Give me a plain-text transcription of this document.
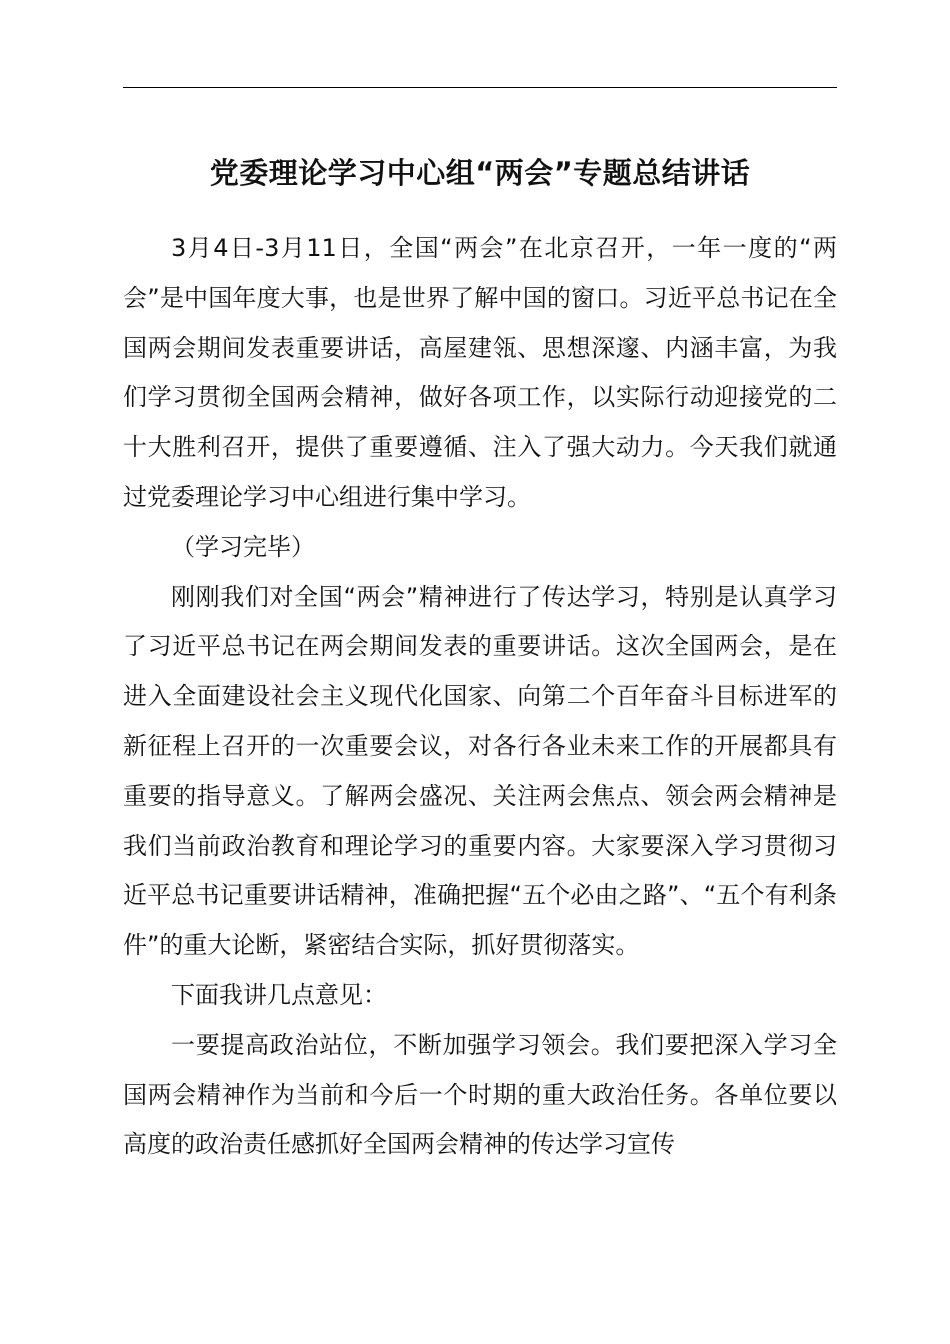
党委理论学习中心组“两会”专题总结讲话

3月4日-3月11日，全国“两会”在北京召开，一年一度的“两会”是中国年度大事，也是世界了解中国的窗口。习近平总书记在全国两会期间发表重要讲话，高屋建瓴、思想深邃、内涵丰富，为我们学习贯彻全国两会精神，做好各项工作，以实际行动迎接党的二十大胜利召开，提供了重要遵循、注入了强大动力。今天我们就通过党委理论学习中心组进行集中学习。

（学习完毕）

刚刚我们对全国“两会”精神进行了传达学习，特别是认真学习了习近平总书记在两会期间发表的重要讲话。这次全国两会，是在进入全面建设社会主义现代化国家、向第二个百年奋斗目标进军的新征程上召开的一次重要会议，对各行各业未来工作的开展都具有重要的指导意义。了解两会盛况、关注两会焦点、领会两会精神是我们当前政治教育和理论学习的重要内容。大家要深入学习贯彻习近平总书记重要讲话精神，准确把握“五个必由之路”、“五个有利条件”的重大论断，紧密结合实际，抓好贯彻落实。

下面我讲几点意见：

一要提高政治站位，不断加强学习领会。我们要把深入学习全国两会精神作为当前和今后一个时期的重大政治任务。各单位要以高度的政治责任感抓好全国两会精神的传达学习宣传
